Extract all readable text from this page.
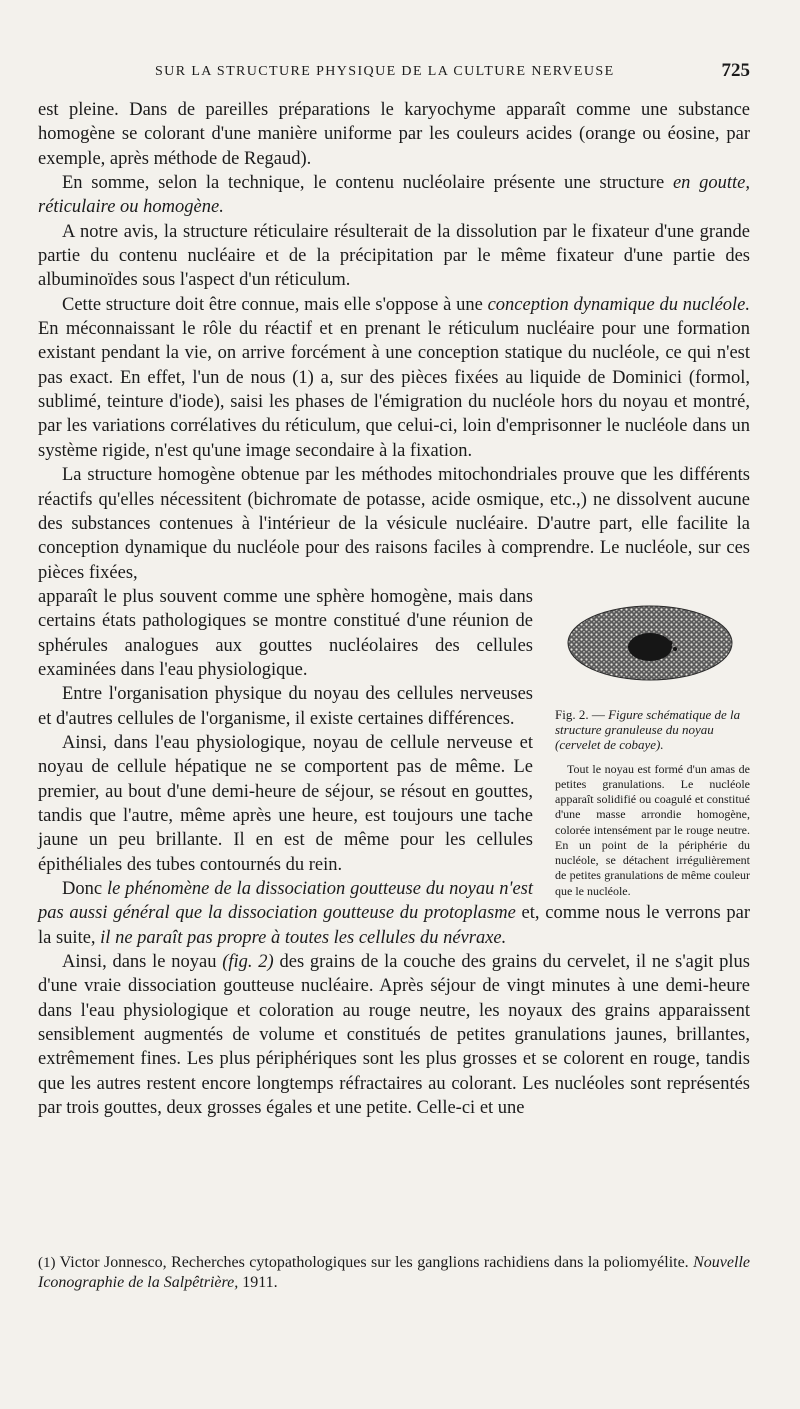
SUR LA STRUCTURE PHYSIQUE DE LA CULTURE NERVEUSE	725

est pleine. Dans de pareilles préparations le karyochyme apparaît comme une substance homogène se colorant d'une manière uniforme par les couleurs acides (orange ou éosine, par exemple, après méthode de Regaud).

En somme, selon la technique, le contenu nucléolaire présente une structure en goutte, réticulaire ou homogène.

A notre avis, la structure réticulaire résulterait de la dissolution par le fixateur d'une grande partie du contenu nucléaire et de la précipitation par le même fixateur d'une partie des albuminoïdes sous l'aspect d'un réticulum.

Cette structure doit être connue, mais elle s'oppose à une conception dynamique du nucléole. En méconnaissant le rôle du réactif et en prenant le réticulum nucléaire pour une formation existant pendant la vie, on arrive forcément à une conception statique du nucléole, ce qui n'est pas exact. En effet, l'un de nous (1) a, sur des pièces fixées au liquide de Dominici (formol, sublimé, teinture d'iode), saisi les phases de l'émigration du nucléole hors du noyau et montré, par les variations corrélatives du réticulum, que celui-ci, loin d'emprisonner le nucléole dans un système rigide, n'est qu'une image secondaire à la fixation.

La structure homogène obtenue par les méthodes mitochondriales prouve que les différents réactifs qu'elles nécessitent (bichromate de potasse, acide osmique, etc.,) ne dissolvent aucune des substances contenues à l'intérieur de la vésicule nucléaire. D'autre part, elle facilite la conception dynamique du nucléole pour des raisons faciles à comprendre. Le nucléole, sur ces pièces fixées,

Fig. 2. — Figure schématique de la structure granuleuse du noyau (cervelet de cobaye).
Tout le noyau est formé d'un amas de petites granulations. Le nucléole apparaît solidifié ou coagulé et constitué d'une masse arrondie homogène, colorée intensément par le rouge neutre. En un point de la périphérie du nucléole, se détachent irrégulièrement de petites granulations de même couleur que le nucléole.

apparaît le plus souvent comme une sphère homogène, mais dans certains états pathologiques se montre constitué d'une réunion de sphérules analogues aux gouttes nucléolaires des cellules examinées dans l'eau physiologique.

Entre l'organisation physique du noyau des cellules nerveuses et d'autres cellules de l'organisme, il existe certaines différences.

Ainsi, dans l'eau physiologique, noyau de cellule nerveuse et noyau de cellule hépatique ne se comportent pas de même. Le premier, au bout d'une demi-heure de séjour, se résout en gouttes, tandis que l'autre, même après une heure, est toujours une tache jaune un peu brillante. Il en est de même pour les cellules épithéliales des tubes contournés du rein.

Donc le phénomène de la dissociation goutteuse du noyau n'est pas aussi général que la dissociation goutteuse du protoplasme et, comme nous le verrons par la suite, il ne paraît pas propre à toutes les cellules du névraxe.

Ainsi, dans le noyau (fig. 2) des grains de la couche des grains du cervelet, il ne s'agit plus d'une vraie dissociation goutteuse nucléaire. Après séjour de vingt minutes à une demi-heure dans l'eau physiologique et coloration au rouge neutre, les noyaux des grains apparaissent sensiblement augmentés de volume et constitués de petites granulations jaunes, brillantes, extrêmement fines. Les plus périphériques sont les plus grosses et se colorent en rouge, tandis que les autres restent encore longtemps réfractaires au colorant. Les nucléoles sont représentés par trois gouttes, deux grosses égales et une petite. Celle-ci et une

(1) Victor Jonnesco, Recherches cytopathologiques sur les ganglions rachidiens dans la poliomyélite. Nouvelle Iconographie de la Salpêtrière, 1911.
